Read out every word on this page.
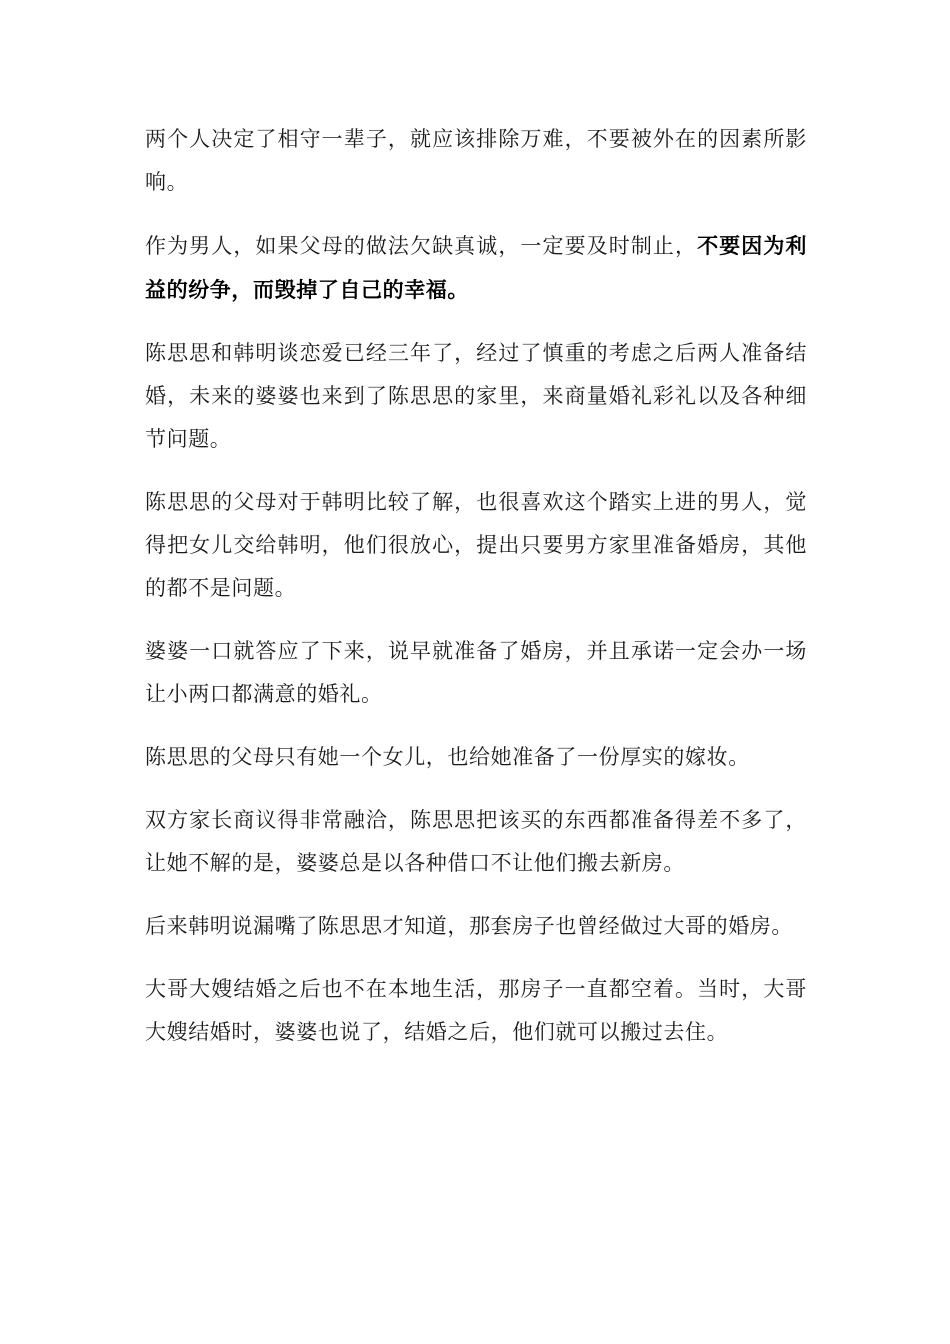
两个人决定了相守一辈子，就应该排除万难，不要被外在的因素所影响。

作为男人，如果父母的做法欠缺真诚，一定要及时制止，不要因为利益的纷争，而毁掉了自己的幸福。

陈思思和韩明谈恋爱已经三年了，经过了慎重的考虑之后两人准备结婚，未来的婆婆也来到了陈思思的家里，来商量婚礼彩礼以及各种细节问题。

陈思思的父母对于韩明比较了解，也很喜欢这个踏实上进的男人，觉得把女儿交给韩明，他们很放心，提出只要男方家里准备婚房，其他的都不是问题。

婆婆一口就答应了下来，说早就准备了婚房，并且承诺一定会办一场让小两口都满意的婚礼。

陈思思的父母只有她一个女儿，也给她准备了一份厚实的嫁妆。

双方家长商议得非常融洽，陈思思把该买的东西都准备得差不多了，让她不解的是，婆婆总是以各种借口不让他们搬去新房。

后来韩明说漏嘴了陈思思才知道，那套房子也曾经做过大哥的婚房。

大哥大嫂结婚之后也不在本地生活，那房子一直都空着。当时，大哥大嫂结婚时，婆婆也说了，结婚之后，他们就可以搬过去住。
